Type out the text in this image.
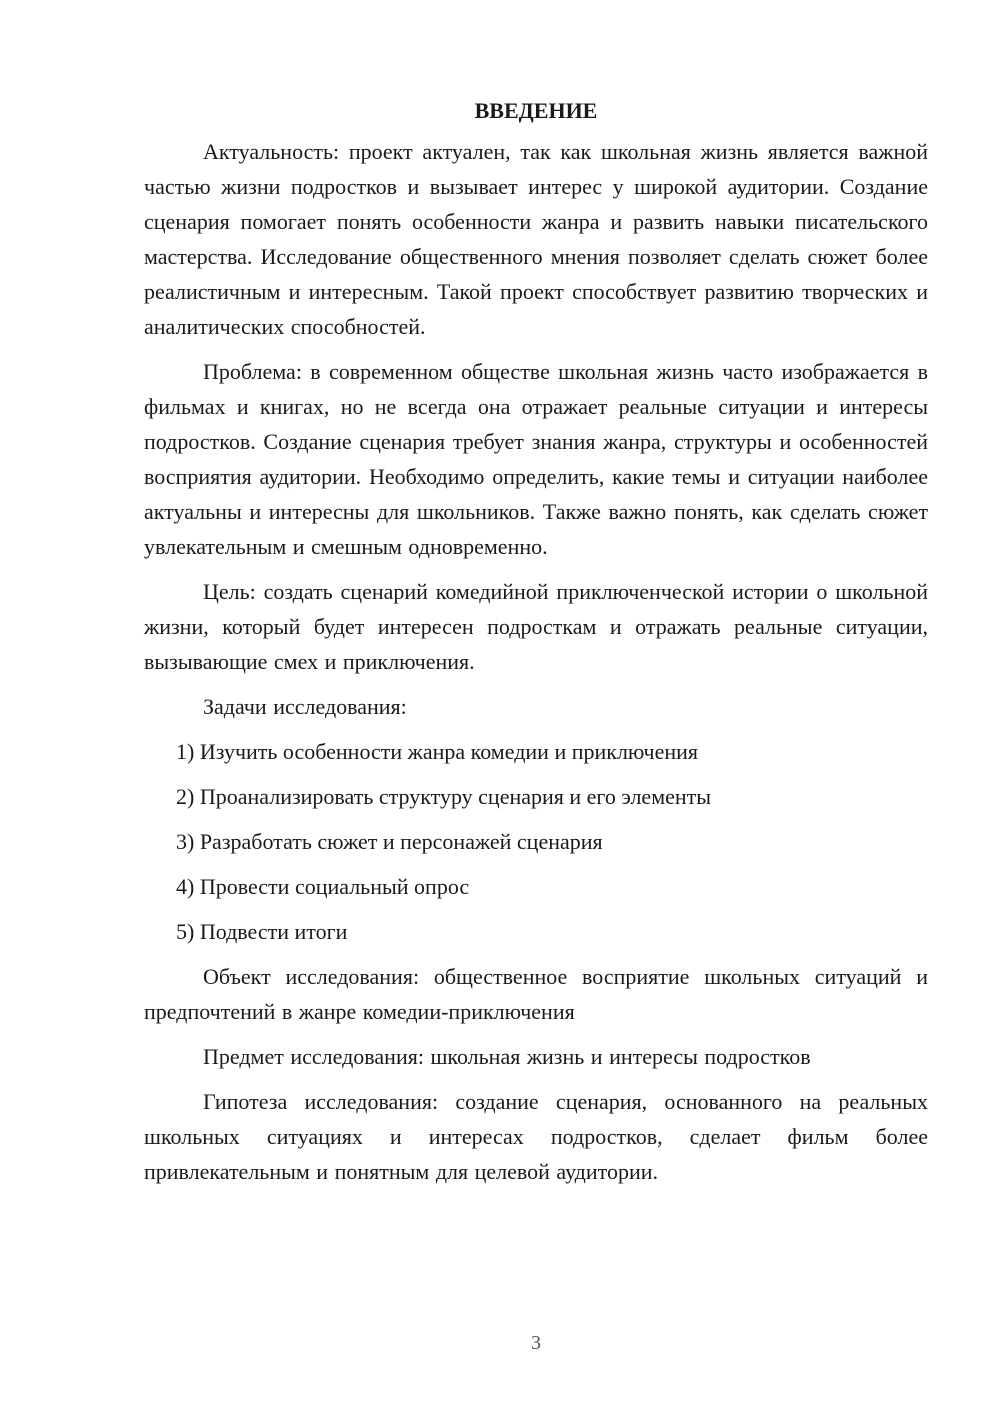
ВВЕДЕНИЕ

Актуальность: проект актуален, так как школьная жизнь является важной частью жизни подростков и вызывает интерес у широкой аудитории. Создание сценария помогает понять особенности жанра и развить навыки писательского мастерства. Исследование общественного мнения позволяет сделать сюжет более реалистичным и интересным. Такой проект способствует развитию творческих и аналитических способностей.

Проблема: в современном обществе школьная жизнь часто изображается в фильмах и книгах, но не всегда она отражает реальные ситуации и интересы подростков. Создание сценария требует знания жанра, структуры и особенностей восприятия аудитории. Необходимо определить, какие темы и ситуации наиболее актуальны и интересны для школьников. Также важно понять, как сделать сюжет увлекательным и смешным одновременно.

Цель: создать сценарий комедийной приключенческой истории о школьной жизни, который будет интересен подросткам и отражать реальные ситуации, вызывающие смех и приключения.

Задачи исследования:

1) Изучить особенности жанра комедии и приключения
2) Проанализировать структуру сценария и его элементы
3) Разработать сюжет и персонажей сценария
4) Провести социальный опрос
5) Подвести итоги

Объект исследования: общественное восприятие школьных ситуаций и предпочтений в жанре комедии-приключения

Предмет исследования: школьная жизнь и интересы подростков

Гипотеза исследования: создание сценария, основанного на реальных школьных ситуациях и интересах подростков, сделает фильм более привлекательным и понятным для целевой аудитории.

3
